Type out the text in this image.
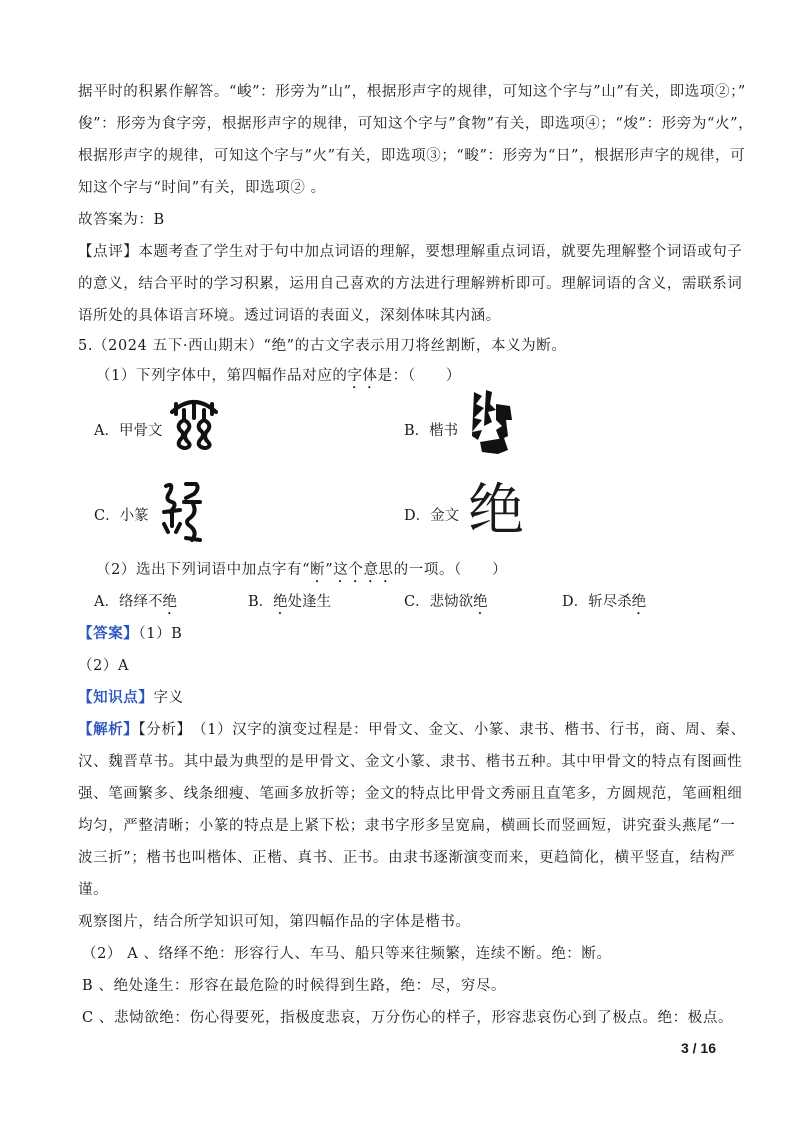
据平时的积累作解答。“峻”：形旁为”山”，根据形声字的规律，可知这个字与”山”有关，即选项②；”
俊”：形旁为食字旁，根据形声字的规律，可知这个字与”食物”有关，即选项④；“焌”：形旁为“火”，
根据形声字的规律，可知这个字与”火”有关，即选项③；“畯”：形旁为“日”，根据形声字的规律，可
知这个字与“时间”有关，即选项② 。
故答案为：B
【点评】本题考查了学生对于句中加点词语的理解，要想理解重点词语，就要先理解整个词语或句子
的意义，结合平时的学习积累，运用自己喜欢的方法进行理解辨析即可。理解词语的含义，需联系词
语所处的具体语言环境。透过词语的表面义，深刻体味其内涵。
5.（2024 五下·西山期末）“绝”的古文字表示用刀将丝割断，本义为断。
（1）下列字体中，第四幅作品对应的字体是：（　　）
A．甲骨文	B．楷书
C．小篆	D．金文 绝
（2）选出下列词语中加点字有“断”这个意思的一项。（　　）
A．络绎不绝	B．绝处逢生	C．悲恸欲绝	D．斩尽杀绝
【答案】（1）B
（2）A
【知识点】字义
【解析】【分析】　（1）汉字的演变过程是：甲骨文、金文、小篆、隶书、楷书、行书，商、周、秦、
汉、魏晋草书。其中最为典型的是甲骨文、金文小篆、隶书、楷书五种。其中甲骨文的特点有图画性
强、笔画繁多、线条细瘦、笔画多放折等；金文的特点比甲骨文秀丽且直笔多，方圆规范，笔画粗细
均匀，严整清晰；小篆的特点是上紧下松；隶书字形多呈宽扁，横画长而竖画短，讲究蚕头燕尾“一
波三折”；楷书也叫楷体、正楷、真书、正书。由隶书逐渐演变而来，更趋简化，横平竖直，结构严
谨。
观察图片，结合所学知识可知，第四幅作品的字体是楷书。
（2） A 、络绎不绝：形容行人、车马、船只等来往频繁，连续不断。绝：断。
B 、绝处逢生：形容在最危险的时候得到生路，绝：尽，穷尽。
C 、悲恸欲绝：伤心得要死，指极度悲哀，万分伤心的样子，形容悲哀伤心到了极点。绝：极点。
3 / 16
